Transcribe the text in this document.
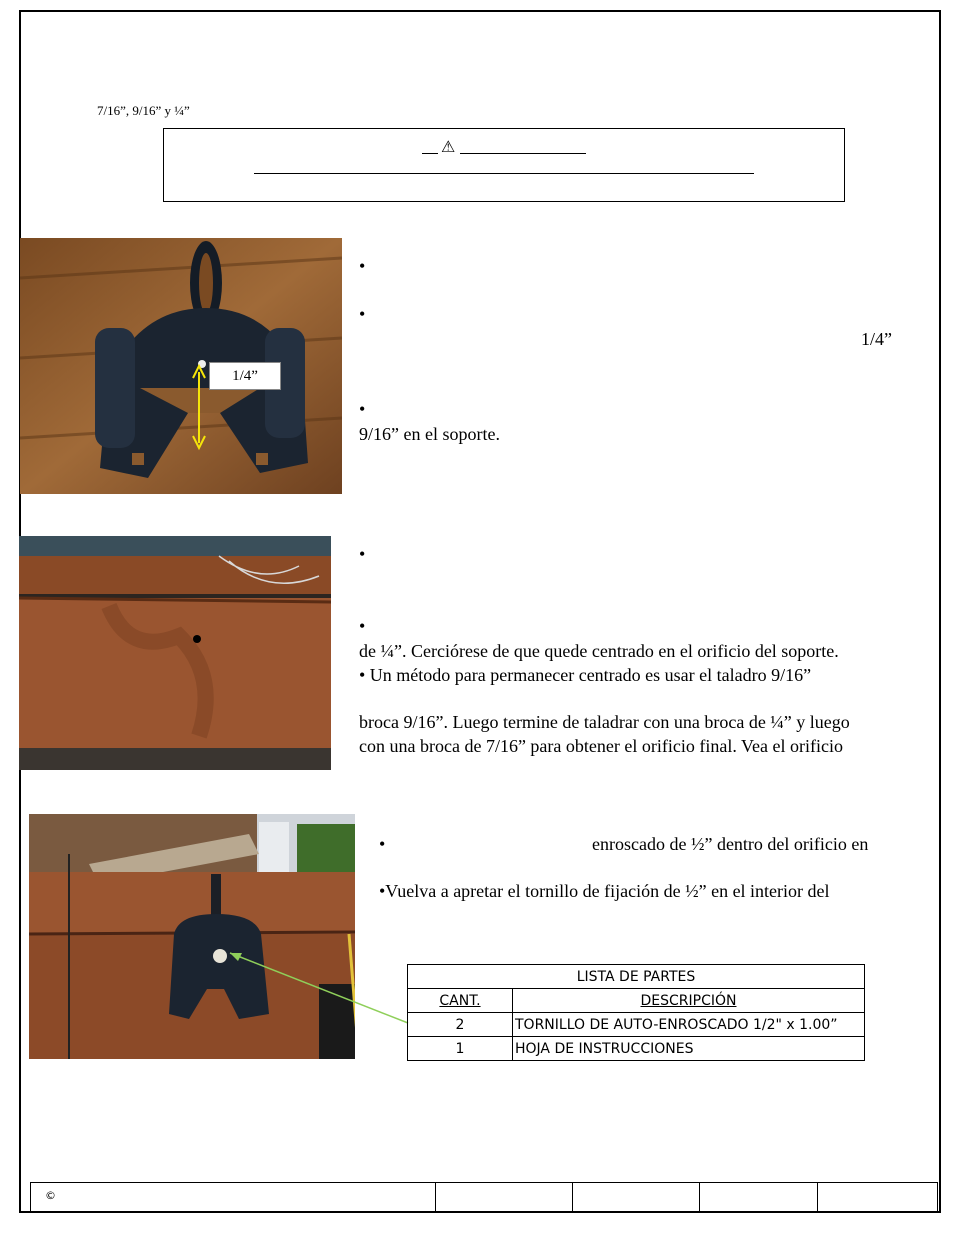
7/16”, 9/16” y ¼”
⚠
1/4”
•
•
1/4”
•
9/16” en el soporte.
•
•
de ¼”. Cerciórese de que quede centrado en el orificio del soporte.
• Un método para permanecer centrado es usar el taladro 9/16”
broca 9/16”. Luego termine de taladrar con una broca de ¼” y luego
con una broca de 7/16” para obtener el orificio final. Vea el orificio
•	enroscado de ½” dentro del orificio en
•Vuelva a apretar el tornillo de fijación de ½” en el interior del
LISTA DE PARTES	
CANT.	DESCRIPCIÓN
2	TORNILLO DE AUTO-ENROSCADO 1/2" x 1.00”
1	HOJA DE INSTRUCCIONES
©
